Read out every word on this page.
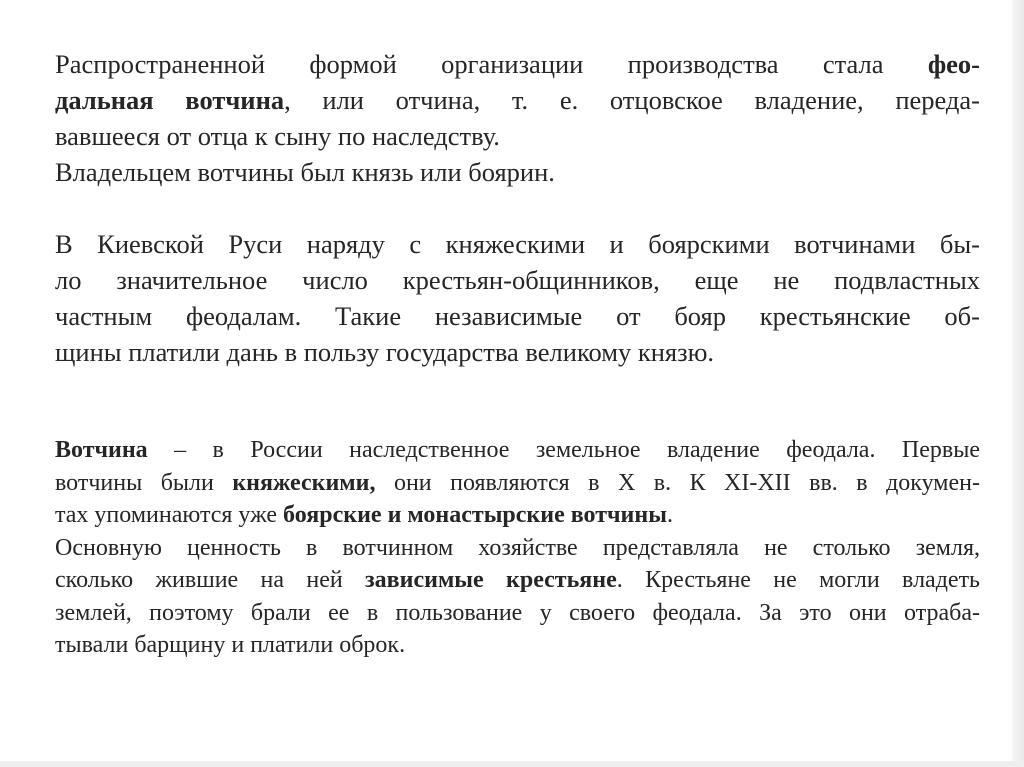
Распространенной формой организации производства стала фео-
дальная вотчина, или отчина, т. е. отцовское владение, переда-
вавшееся от отца к сыну по наследству.
Владельцем вотчины был князь или боярин.
В Киевской Руси наряду с княжескими и боярскими вотчинами бы-
ло значительное число крестьян-общинников, еще не подвластных
частным феодалам. Такие независимые от бояр крестьянские об-
щины платили дань в пользу государства великому князю.
Вотчина – в России наследственное земельное владение феодала. Первые
вотчины были княжескими, они появляются в Х в. К XI-XII вв. в докумен-
тах упоминаются уже боярские и монастырские вотчины.
Основную ценность в вотчинном хозяйстве представляла не столько земля,
сколько жившие на ней зависимые крестьяне. Крестьяне не могли владеть
землей, поэтому брали ее в пользование у своего феодала. За это они отраба-
тывали барщину и платили оброк.
